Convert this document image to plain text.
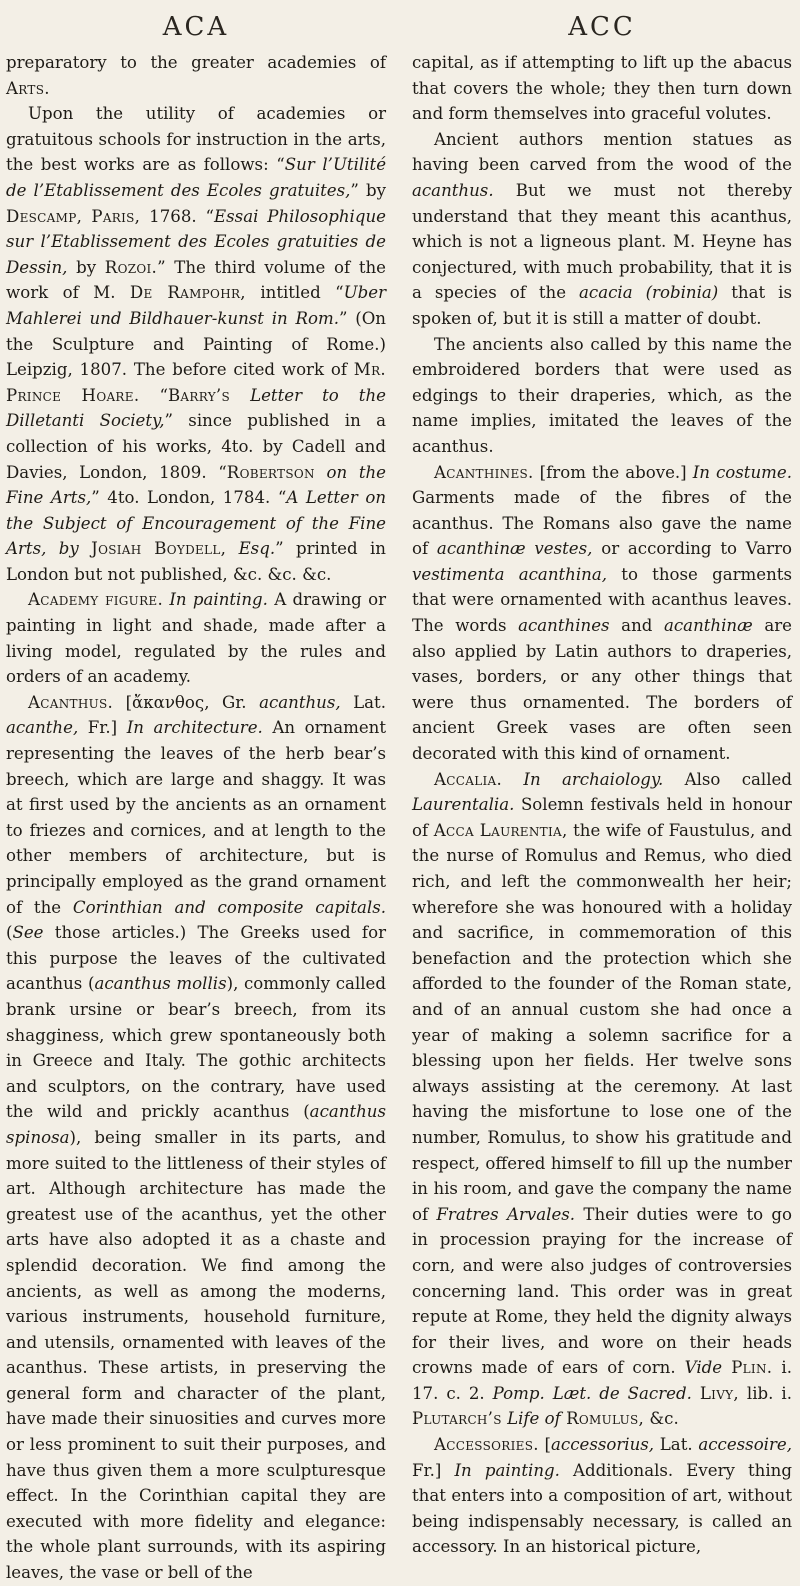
ACA

preparatory to the greater academies of Arts.

Upon the utility of academies or gratuitous schools for instruction in the arts, the best works are as follows: “Sur l’Utilité de l’Etablissement des Ecoles gratuites,” by Descamp, Paris, 1768. “Essai Philosophique sur l’Etablissement des Ecoles gratuities de Dessin, by Rozoi.” The third volume of the work of M. De Rampohr, intitled “Uber Mahlerei und Bildhauer-kunst in Rom.” (On the Sculpture and Painting of Rome.) Leipzig, 1807. The before cited work of Mr. Prince Hoare. “Barry’s Letter to the Dilletanti Society,” since published in a collection of his works, 4to. by Cadell and Davies, London, 1809. “Robertson on the Fine Arts,” 4to. London, 1784. “A Letter on the Subject of Encouragement of the Fine Arts, by Josiah Boydell, Esq.” printed in London but not published, &c. &c. &c.

Academy figure. In painting. A drawing or painting in light and shade, made after a living model, regulated by the rules and orders of an academy.

Acanthus. [ἄκανθος, Gr. acanthus, Lat. acanthe, Fr.] In architecture. An ornament representing the leaves of the herb bear’s breech, which are large and shaggy. It was at first used by the ancients as an ornament to friezes and cornices, and at length to the other members of architecture, but is principally employed as the grand ornament of the Corinthian and composite capitals. (See those articles.) The Greeks used for this purpose the leaves of the cultivated acanthus (acanthus mollis), commonly called brank ursine or bear’s breech, from its shagginess, which grew spontaneously both in Greece and Italy. The gothic architects and sculptors, on the contrary, have used the wild and prickly acanthus (acanthus spinosa), being smaller in its parts, and more suited to the littleness of their styles of art. Although architecture has made the greatest use of the acanthus, yet the other arts have also adopted it as a chaste and splendid decoration. We find among the ancients, as well as among the moderns, various instruments, household furniture, and utensils, ornamented with leaves of the acanthus. These artists, in preserving the general form and character of the plant, have made their sinuosities and curves more or less prominent to suit their purposes, and have thus given them a more sculpturesque effect. In the Corinthian capital they are executed with more fidelity and elegance: the whole plant surrounds, with its aspiring leaves, the vase or bell of the

ACC

capital, as if attempting to lift up the abacus that covers the whole; they then turn down and form themselves into graceful volutes.

Ancient authors mention statues as having been carved from the wood of the acanthus. But we must not thereby understand that they meant this acanthus, which is not a ligneous plant. M. Heyne has conjectured, with much probability, that it is a species of the acacia (robinia) that is spoken of, but it is still a matter of doubt.

The ancients also called by this name the embroidered borders that were used as edgings to their draperies, which, as the name implies, imitated the leaves of the acanthus.

Acanthines. [from the above.] In costume. Garments made of the fibres of the acanthus. The Romans also gave the name of acanthinæ vestes, or according to Varro vestimenta acanthina, to those garments that were ornamented with acanthus leaves. The words acanthines and acanthinæ are also applied by Latin authors to draperies, vases, borders, or any other things that were thus ornamented. The borders of ancient Greek vases are often seen decorated with this kind of ornament.

Accalia. In archaiology. Also called Laurentalia. Solemn festivals held in honour of Acca Laurentia, the wife of Faustulus, and the nurse of Romulus and Remus, who died rich, and left the commonwealth her heir; wherefore she was honoured with a holiday and sacrifice, in commemoration of this benefaction and the protection which she afforded to the founder of the Roman state, and of an annual custom she had once a year of making a solemn sacrifice for a blessing upon her fields. Her twelve sons always assisting at the ceremony. At last having the misfortune to lose one of the number, Romulus, to show his gratitude and respect, offered himself to fill up the number in his room, and gave the company the name of Fratres Arvales. Their duties were to go in procession praying for the increase of corn, and were also judges of controversies concerning land. This order was in great repute at Rome, they held the dignity always for their lives, and wore on their heads crowns made of ears of corn. Vide Plin. i. 17. c. 2. Pomp. Læt. de Sacred. Livy, lib. i. Plutarch’s Life of Romulus, &c.

Accessories. [accessorius, Lat. accessoire, Fr.] In painting. Additionals. Every thing that enters into a composition of art, without being indispensably necessary, is called an accessory. In an historical picture,
